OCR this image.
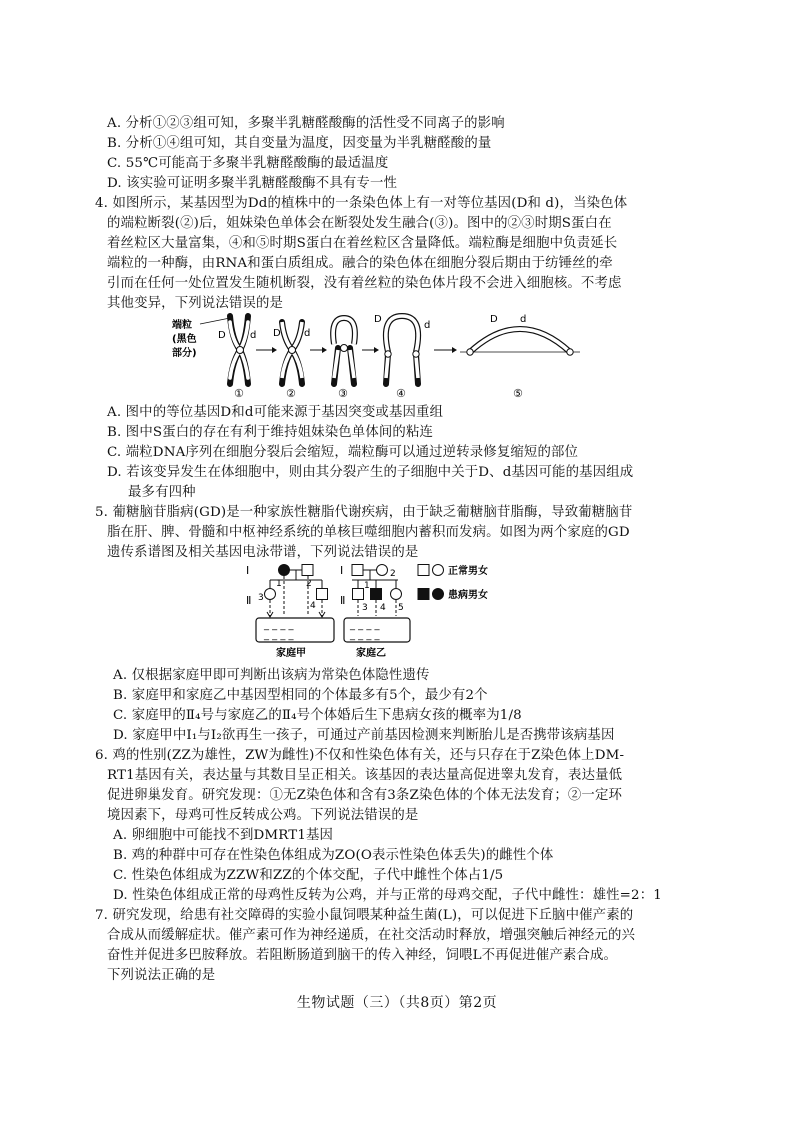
A. 分析①②③组可知，多聚半乳糖醛酸酶的活性受不同离子的影响
B. 分析①④组可知，其自变量为温度，因变量为半乳糖醛酸的量
C. 55℃可能高于多聚半乳糖醛酸酶的最适温度
D. 该实验可证明多聚半乳糖醛酸酶不具有专一性
4. 如图所示，某基因型为Dd的植株中的一条染色体上有一对等位基因(D和 d)，当染色体
的端粒断裂(②)后，姐妹染色单体会在断裂处发生融合(③)。图中的②③时期S蛋白在
着丝粒区大量富集，④和⑤时期S蛋白在着丝粒区含量降低。端粒酶是细胞中负责延长
端粒的一种酶，由RNA和蛋白质组成。融合的染色体在细胞分裂后期由于纺锤丝的牵
引而在任何一处位置发生随机断裂，没有着丝粒的染色体片段不会进入细胞核。不考虑
其他变异，下列说法错误的是
端粒
(黑色
部分)
d
D
①
d
D
②	③
D
d
④
D d
⑤
A. 图中的等位基因D和d可能来源于基因突变或基因重组
B. 图中S蛋白的存在有利于维持姐妹染色单体间的粘连
C. 端粒DNA序列在细胞分裂后会缩短，端粒酶可以通过逆转录修复缩短的部位
D. 若该变异发生在体细胞中，则由其分裂产生的子细胞中关于D、d基因可能的基因组成
最多有四种
5. 葡糖脑苷脂病(GD)是一种家族性糖脂代谢疾病，由于缺乏葡糖脑苷脂酶，导致葡糖脑苷
脂在肝、脾、骨髓和中枢神经系统的单核巨噬细胞内蓄积而发病。如图为两个家庭的GD
遗传系谱图及相关基因电泳带谱，下列说法错误的是
Ⅰ
Ⅱ
1	2
3
4
_ _ _ _
_ _ _ _
家庭甲
Ⅰ
Ⅱ
1
2
3 4 5
_ _ _ _
_ _ _ _
家庭乙
正常男女
患病男女
A. 仅根据家庭甲即可判断出该病为常染色体隐性遗传
B. 家庭甲和家庭乙中基因型相同的个体最多有5个，最少有2个
C. 家庭甲的Ⅱ₄号与家庭乙的Ⅱ₄号个体婚后生下患病女孩的概率为1/8
D. 家庭甲中Ⅰ₁与Ⅰ₂欲再生一孩子，可通过产前基因检测来判断胎儿是否携带该病基因
6. 鸡的性别(ZZ为雄性，ZW为雌性)不仅和性染色体有关，还与只存在于Z染色体上DM-
RT1基因有关，表达量与其数目呈正相关。该基因的表达量高促进睾丸发育，表达量低
促进卵巢发育。研究发现：①无Z染色体和含有3条Z染色体的个体无法发育；②一定环
境因素下，母鸡可性反转成公鸡。下列说法错误的是
A. 卵细胞中可能找不到DMRT1基因
B. 鸡的种群中可存在性染色体组成为ZO(O表示性染色体丢失)的雌性个体
C. 性染色体组成为ZZW和ZZ的个体交配，子代中雌性个体占1/5
D. 性染色体组成正常的母鸡性反转为公鸡，并与正常的母鸡交配，子代中雌性：雄性=2：1
7. 研究发现，给患有社交障碍的实验小鼠饲喂某种益生菌(L)，可以促进下丘脑中催产素的
合成从而缓解症状。催产素可作为神经递质，在社交活动时释放，增强突触后神经元的兴
奋性并促进多巴胺释放。若阻断肠道到脑干的传入神经，饲喂L不再促进催产素合成。
下列说法正确的是
生物试题（三）（共8页）第2页
